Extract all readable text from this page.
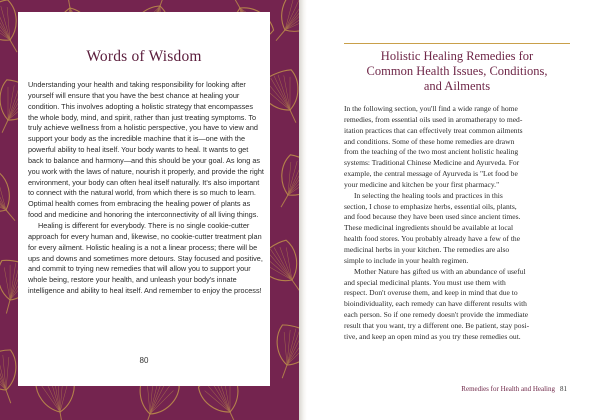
Words of Wisdom

Understanding your health and taking responsibility for looking after yourself will ensure that you have the best chance at healing your condition. This involves adopting a holistic strategy that encompasses the whole body, mind, and spirit, rather than just treating symptoms. To truly achieve wellness from a holistic perspective, you have to view and support your body as the incredible machine that it is—one with the powerful ability to heal itself. Your body wants to heal. It wants to get back to balance and harmony—and this should be your goal. As long as you work with the laws of nature, nourish it properly, and provide the right environment, your body can often heal itself naturally. It's also important to connect with the natural world, from which there is so much to learn. Optimal health comes from embracing the healing power of plants as food and medicine and honoring the interconnectivity of all living things.

Healing is different for everybody. There is no single cookie-cutter approach for every human and, likewise, no cookie-cutter treatment plan for every ailment. Holistic healing is a not a linear process; there will be ups and downs and sometimes more detours. Stay focused and positive, and commit to trying new remedies that will allow you to support your whole being, restore your health, and unleash your body's innate intelligence and ability to heal itself. And remember to enjoy the process!

80
Holistic Healing Remedies for
Common Health Issues, Conditions,
and Ailments

In the following section, you'll find a wide range of home
remedies, from essential oils used in aromatherapy to med-
itation practices that can effectively treat common ailments
and conditions. Some of these home remedies are drawn
from the teaching of the two most ancient holistic healing
systems: Traditional Chinese Medicine and Ayurveda. For
example, the central message of Ayurveda is "Let food be
your medicine and kitchen be your first pharmacy."

In selecting the healing tools and practices in this
section, I chose to emphasize herbs, essential oils, plants,
and food because they have been used since ancient times.
These medicinal ingredients should be available at local
health food stores. You probably already have a few of the
medicinal herbs in your kitchen. The remedies are also
simple to include in your health regimen.

Mother Nature has gifted us with an abundance of useful
and special medicinal plants. You must use them with
respect. Don't overuse them, and keep in mind that due to
bioindividuality, each remedy can have different results with
each person. So if one remedy doesn't provide the immediate
result that you want, try a different one. Be patient, stay posi-
tive, and keep an open mind as you try these remedies out.

Remedies for Health and Healing 81
